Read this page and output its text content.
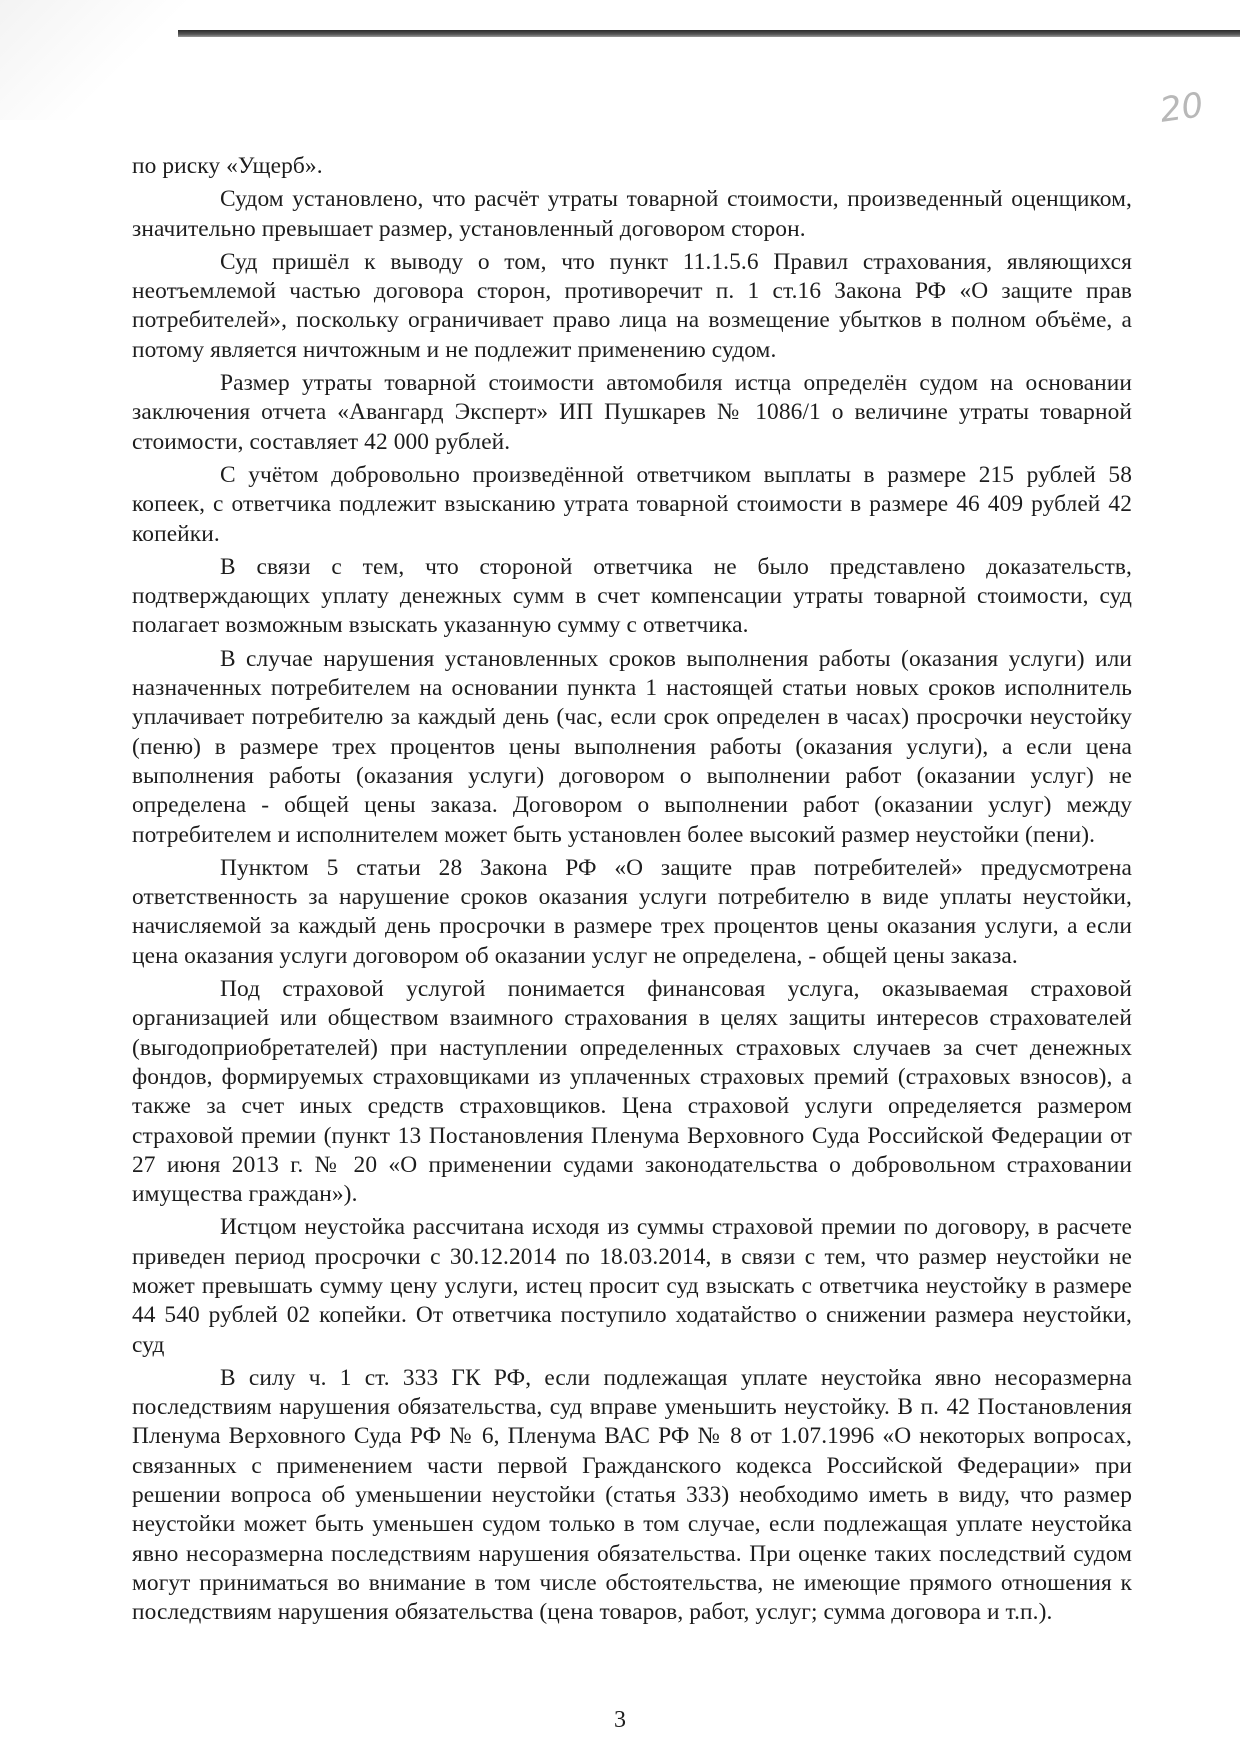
20

по риску «Ущерб».

Судом установлено, что расчёт утраты товарной стоимости, произведенный оценщиком, значительно превышает размер, установленный договором сторон.

Суд пришёл к выводу о том, что пункт 11.1.5.6 Правил страхования, являющихся неотъемлемой частью договора сторон, противоречит п. 1 ст.16 Закона РФ «О защите прав потребителей», поскольку ограничивает право лица на возмещение убытков в полном объёме, а потому является ничтожным и не подлежит применению судом.

Размер утраты товарной стоимости автомобиля истца определён судом на основании заключения отчета «Авангард Эксперт» ИП Пушкарев № 1086/1 о величине утраты товарной стоимости, составляет 42 000 рублей.

С учётом добровольно произведённой ответчиком выплаты в размере 215 рублей 58 копеек, с ответчика подлежит взысканию утрата товарной стоимости в размере 46 409 рублей 42 копейки.

В связи с тем, что стороной ответчика не было представлено доказательств, подтверждающих уплату денежных сумм в счет компенсации утраты товарной стоимости, суд полагает возможным взыскать указанную сумму с ответчика.

В случае нарушения установленных сроков выполнения работы (оказания услуги) или назначенных потребителем на основании пункта 1 настоящей статьи новых сроков исполнитель уплачивает потребителю за каждый день (час, если срок определен в часах) просрочки неустойку (пеню) в размере трех процентов цены выполнения работы (оказания услуги), а если цена выполнения работы (оказания услуги) договором о выполнении работ (оказании услуг) не определена - общей цены заказа. Договором о выполнении работ (оказании услуг) между потребителем и исполнителем может быть установлен более высокий размер неустойки (пени).

Пунктом 5 статьи 28 Закона РФ «О защите прав потребителей» предусмотрена ответственность за нарушение сроков оказания услуги потребителю в виде уплаты неустойки, начисляемой за каждый день просрочки в размере трех процентов цены оказания услуги, а если цена оказания услуги договором об оказании услуг не определена, - общей цены заказа.

Под страховой услугой понимается финансовая услуга, оказываемая страховой организацией или обществом взаимного страхования в целях защиты интересов страхователей (выгодоприобретателей) при наступлении определенных страховых случаев за счет денежных фондов, формируемых страховщиками из уплаченных страховых премий (страховых взносов), а также за счет иных средств страховщиков. Цена страховой услуги определяется размером страховой премии (пункт 13 Постановления Пленума Верховного Суда Российской Федерации от 27 июня 2013 г. № 20 «О применении судами законодательства о добровольном страховании имущества граждан»).

Истцом неустойка рассчитана исходя из суммы страховой премии по договору, в расчете приведен период просрочки с 30.12.2014 по 18.03.2014, в связи с тем, что размер неустойки не может превышать сумму цену услуги, истец просит суд взыскать с ответчика неустойку в размере 44 540 рублей 02 копейки. От ответчика поступило ходатайство о снижении размера неустойки, суд

В силу ч. 1 ст. 333 ГК РФ, если подлежащая уплате неустойка явно несоразмерна последствиям нарушения обязательства, суд вправе уменьшить неустойку. В п. 42 Постановления Пленума Верховного Суда РФ № 6, Пленума ВАС РФ № 8 от 1.07.1996 «О некоторых вопросах, связанных с применением части первой Гражданского кодекса Российской Федерации» при решении вопроса об уменьшении неустойки (статья 333) необходимо иметь в виду, что размер неустойки может быть уменьшен судом только в том случае, если подлежащая уплате неустойка явно несоразмерна последствиям нарушения обязательства. При оценке таких последствий судом могут приниматься во внимание в том числе обстоятельства, не имеющие прямого отношения к последствиям нарушения обязательства (цена товаров, работ, услуг; сумма договора и т.п.).

3
